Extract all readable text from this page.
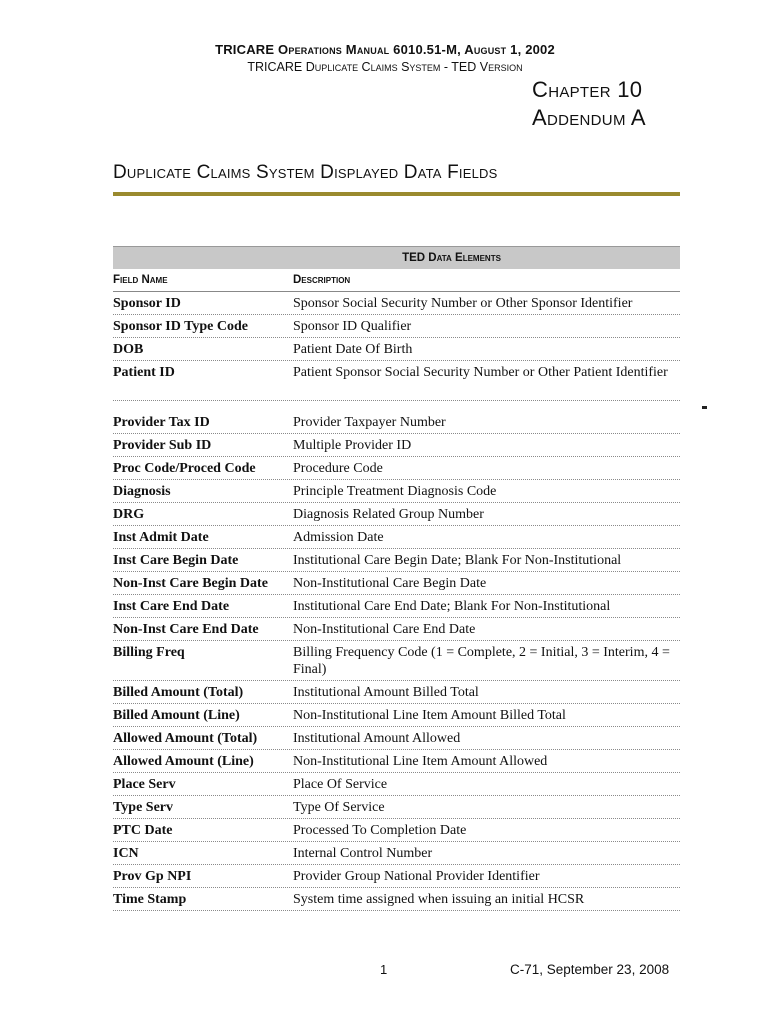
TRICARE Operations Manual 6010.51-M, August 1, 2002
TRICARE Duplicate Claims System - TED Version
Chapter 10
Addendum A
Duplicate Claims System Displayed Data Fields
TED Data Elements
Field Name	Description
Sponsor ID	Sponsor Social Security Number or Other Sponsor Identifier
Sponsor ID Type Code	Sponsor ID Qualifier
DOB	Patient Date Of Birth
Patient ID	Patient Sponsor Social Security Number or Other Patient Identifier
Provider Tax ID	Provider Taxpayer Number
Provider Sub ID	Multiple Provider ID
Proc Code/Proced Code	Procedure Code
Diagnosis	Principle Treatment Diagnosis Code
DRG	Diagnosis Related Group Number
Inst Admit Date	Admission Date
Inst Care Begin Date	Institutional Care Begin Date; Blank For Non-Institutional
Non-Inst Care Begin Date	Non-Institutional Care Begin Date
Inst Care End Date	Institutional Care End Date; Blank For Non-Institutional
Non-Inst Care End Date	Non-Institutional Care End Date
Billing Freq	Billing Frequency Code (1 = Complete, 2 = Initial, 3 = Interim, 4 = Final)
Billed Amount (Total)	Institutional Amount Billed Total
Billed Amount (Line)	Non-Institutional Line Item Amount Billed Total
Allowed Amount (Total)	Institutional Amount Allowed
Allowed Amount (Line)	Non-Institutional Line Item Amount Allowed
Place Serv	Place Of Service
Type Serv	Type Of Service
PTC Date	Processed To Completion Date
ICN	Internal Control Number
Prov Gp NPI	Provider Group National Provider Identifier
Time Stamp	System time assigned when issuing an initial HCSR
1	C-71, September 23, 2008
